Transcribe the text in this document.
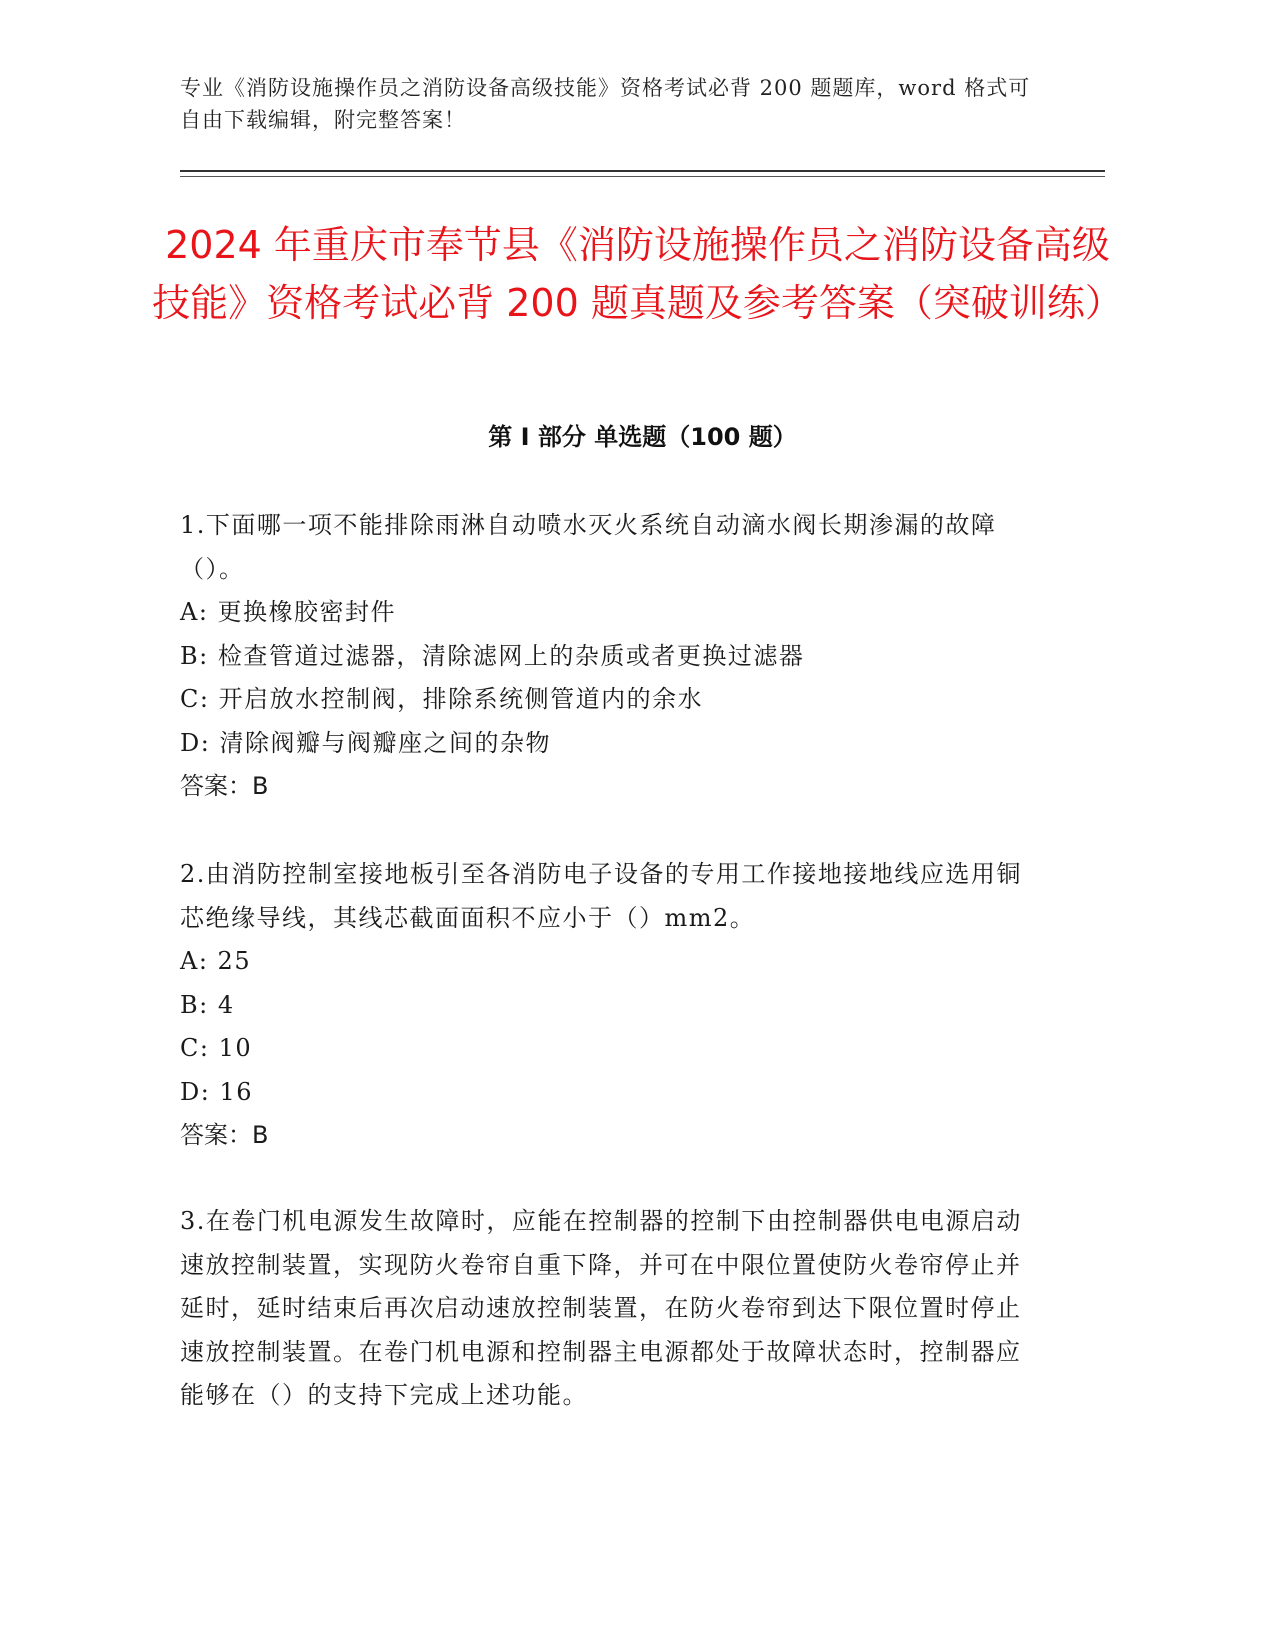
专业《消防设施操作员之消防设备高级技能》资格考试必背 200 题题库，word 格式可自由下载编辑，附完整答案！
2024 年重庆市奉节县《消防设施操作员之消防设备高级技能》资格考试必背 200 题真题及参考答案（突破训练）
第 I 部分 单选题（100 题）

1.下面哪一项不能排除雨淋自动喷水灭火系统自动滴水阀长期渗漏的故障（）。

A: 更换橡胶密封件

B: 检查管道过滤器，清除滤网上的杂质或者更换过滤器

C: 开启放水控制阀，排除系统侧管道内的余水

D: 清除阀瓣与阀瓣座之间的杂物

答案：B

2.由消防控制室接地板引至各消防电子设备的专用工作接地接地线应选用铜芯绝缘导线，其线芯截面面积不应小于（）mm2。

A: 25

B: 4

C: 10

D: 16

答案：B

3.在卷门机电源发生故障时，应能在控制器的控制下由控制器供电电源启动速放控制装置，实现防火卷帘自重下降，并可在中限位置使防火卷帘停止并延时，延时结束后再次启动速放控制装置，在防火卷帘到达下限位置时停止速放控制装置。在卷门机电源和控制器主电源都处于故障状态时，控制器应能够在（）的支持下完成上述功能。
